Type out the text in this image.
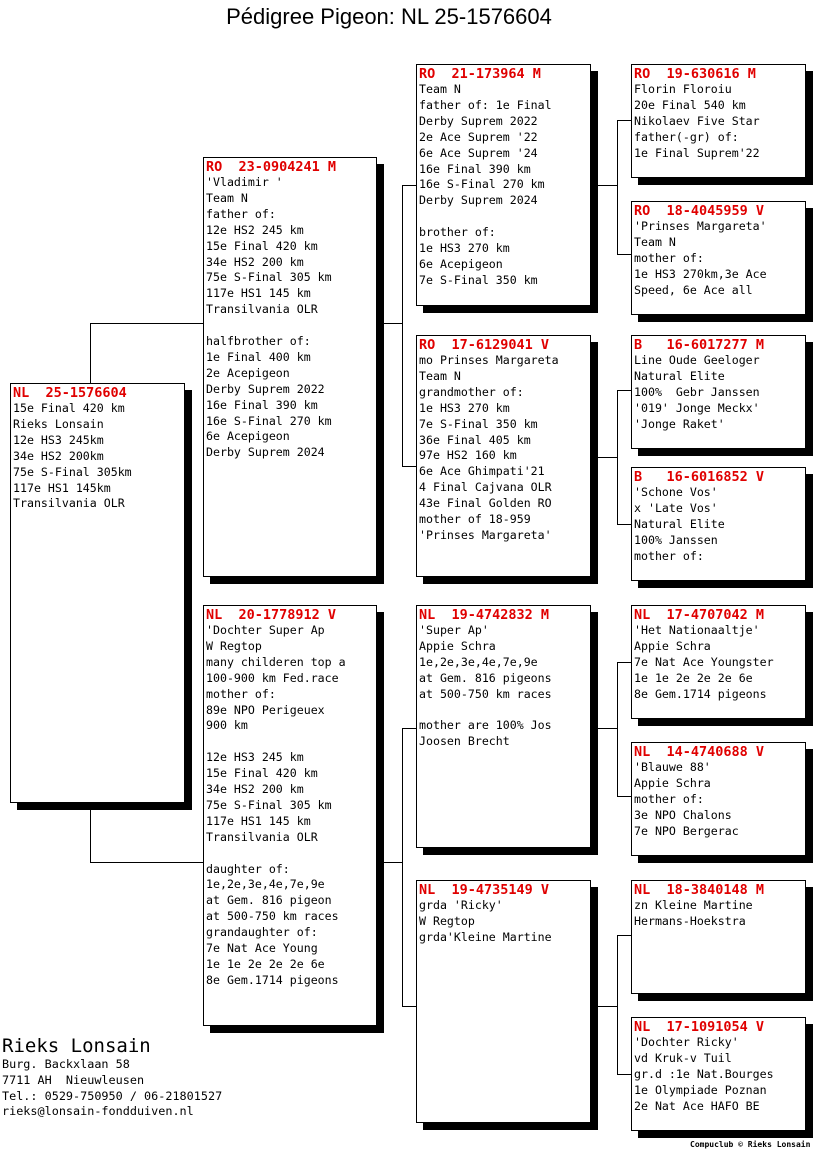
Pédigree Pigeon: NL 25-1576604
NL  25-1576604
15e Final 420 km
Rieks Lonsain
12e HS3 245km
34e HS2 200km
75e S-Final 305km
117e HS1 145km
Transilvania OLR
RO  23-0904241 M
'Vladimir '
Team N
father of:
12e HS2 245 km
15e Final 420 km
34e HS2 200 km
75e S-Final 305 km
117e HS1 145 km
Transilvania OLR
halfbrother of:
1e Final 400 km
2e Acepigeon
Derby Suprem 2022
16e Final 390 km
16e S-Final 270 km
6e Acepigeon
Derby Suprem 2024
NL  20-1778912 V
'Dochter Super Ap
W Regtop
many childeren top a
100-900 km Fed.race
mother of:
89e NPO Perigeuex
900 km
12e HS3 245 km
15e Final 420 km
34e HS2 200 km
75e S-Final 305 km
117e HS1 145 km
Transilvania OLR
daughter of:
1e,2e,3e,4e,7e,9e
at Gem. 816 pigeon
at 500-750 km races
grandaughter of:
7e Nat Ace Young
1e 1e 2e 2e 2e 6e
8e Gem.1714 pigeons
RO  21-173964 M
Team N
father of: 1e Final
Derby Suprem 2022
2e Ace Suprem '22
6e Ace Suprem '24
16e Final 390 km
16e S-Final 270 km
Derby Suprem 2024
brother of:
1e HS3 270 km
6e Acepigeon
7e S-Final 350 km
RO  17-6129041 V
mo Prinses Margareta
Team N
grandmother of:
1e HS3 270 km
7e S-Final 350 km
36e Final 405 km
97e HS2 160 km
6e Ace Ghimpati'21
4 Final Cajvana OLR
43e Final Golden RO
mother of 18-959
'Prinses Margareta'
NL  19-4742832 M
'Super Ap'
Appie Schra
1e,2e,3e,4e,7e,9e
at Gem. 816 pigeons
at 500-750 km races
mother are 100% Jos
Joosen Brecht
NL  19-4735149 V
grda 'Ricky'
W Regtop
grda'Kleine Martine
RO  19-630616 M
Florin Floroiu
20e Final 540 km
Nikolaev Five Star
father(-gr) of:
1e Final Suprem'22
RO  18-4045959 V
'Prinses Margareta'
Team N
mother of:
1e HS3 270km,3e Ace
Speed, 6e Ace all
B   16-6017277 M
Line Oude Geeloger
Natural Elite
100%  Gebr Janssen
'019' Jonge Meckx'
'Jonge Raket'
B   16-6016852 V
'Schone Vos'
x 'Late Vos'
Natural Elite
100% Janssen
mother of:
NL  17-4707042 M
'Het Nationaaltje'
Appie Schra
7e Nat Ace Youngster
1e 1e 2e 2e 2e 6e
8e Gem.1714 pigeons
NL  14-4740688 V
'Blauwe 88'
Appie Schra
mother of:
3e NPO Chalons
7e NPO Bergerac
NL  18-3840148 M
zn Kleine Martine
Hermans-Hoekstra
NL  17-1091054 V
'Dochter Ricky'
vd Kruk-v Tuil
gr.d :1e Nat.Bourges
1e Olympiade Poznan
2e Nat Ace HAFO BE
Rieks Lonsain
Burg. Backxlaan 58
7711 AH  Nieuwleusen
Tel.: 0529-750950 / 06-21801527
rieks@lonsain-fondduiven.nl
Compuclub © Rieks Lonsain
